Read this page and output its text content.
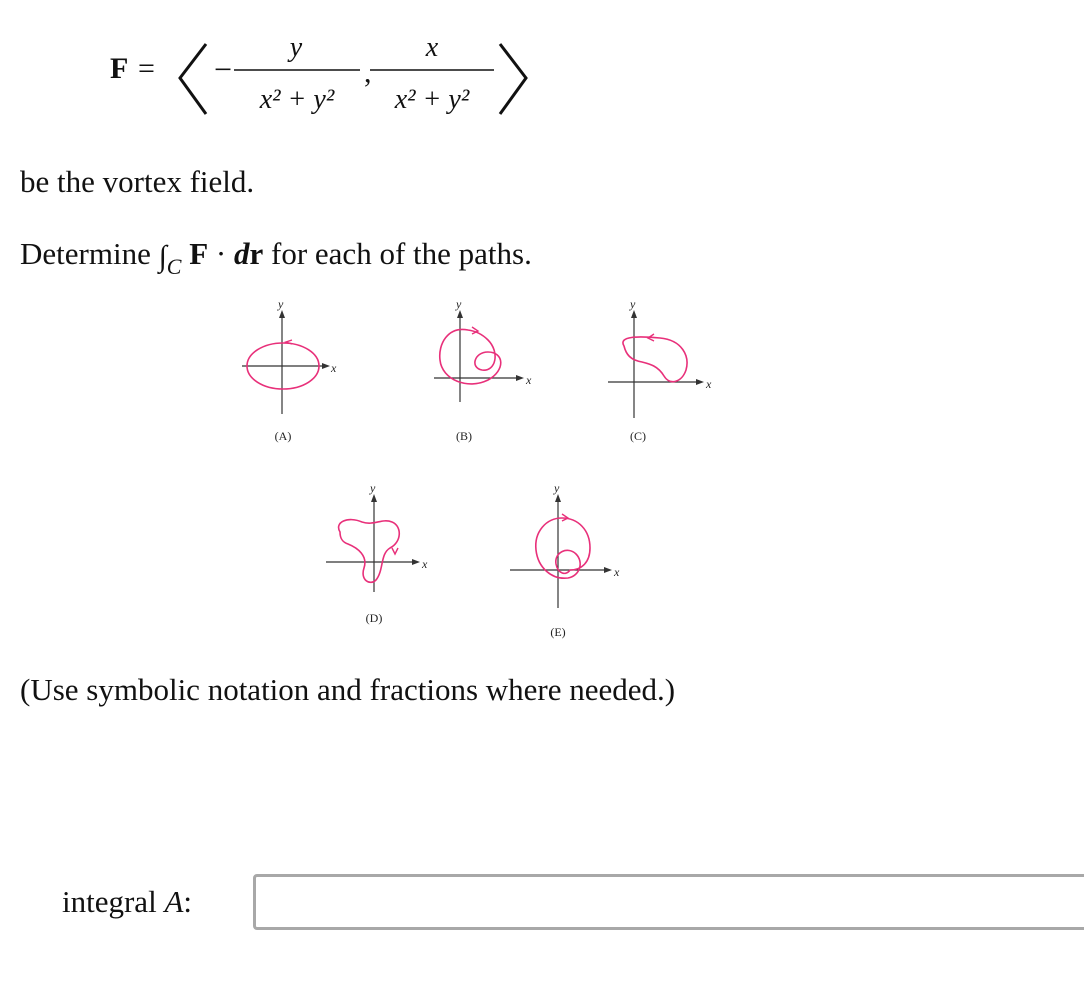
F = −
y
x² + y²
,
x
x² + y²
be the vortex field.
Determine $\int_C$ F · dr for each of the paths.
x
y
(A)
x
y
(B)
x
y
(C)
x
y
(D)
x
y
(E)
(Use symbolic notation and fractions where needed.)
integral A:
